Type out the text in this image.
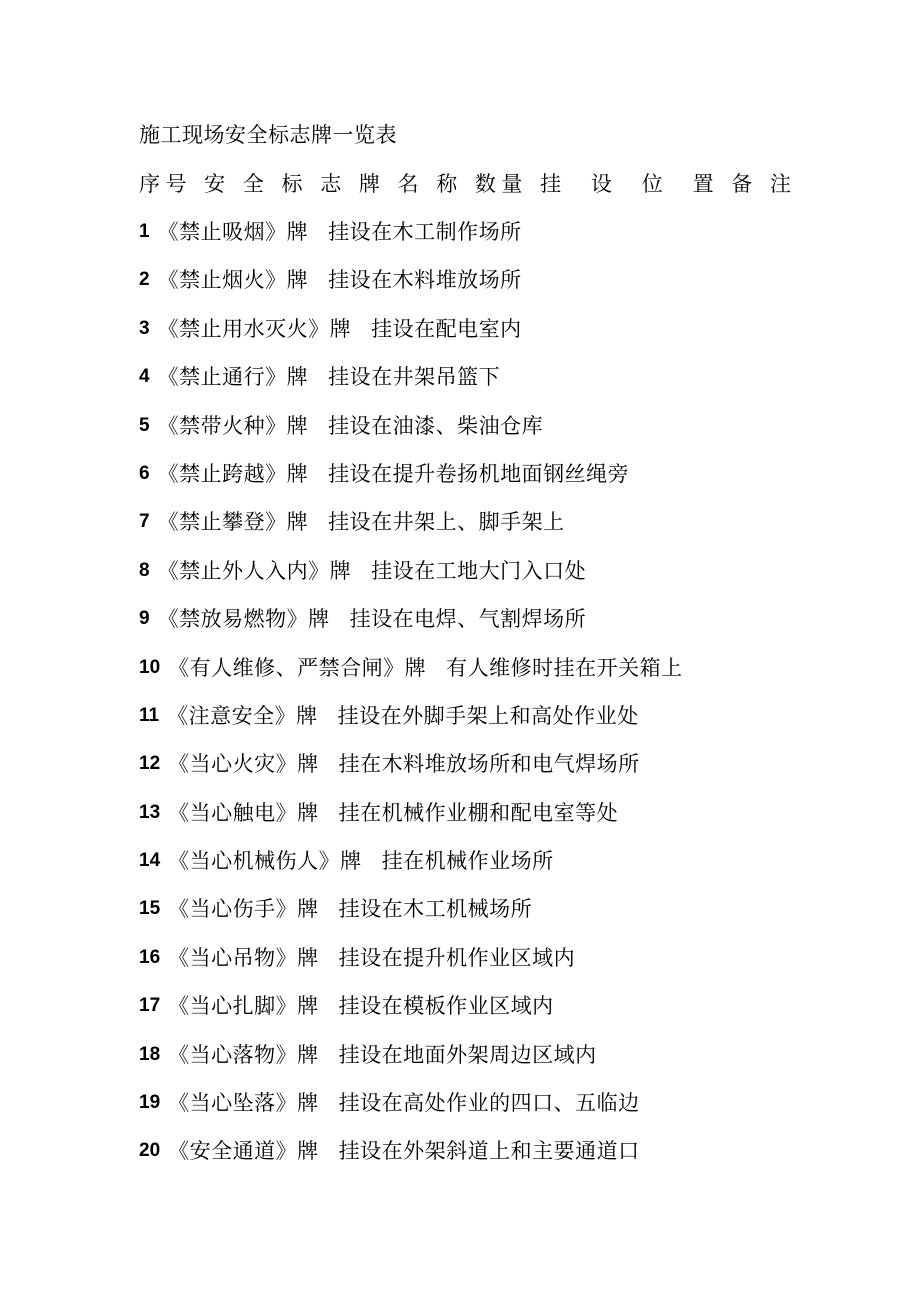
施工现场安全标志牌一览表
序号 安 全 标 志 牌 名 称 数量 挂  设  位  置 备 注
1 《禁止吸烟》牌 挂设在木工制作场所
2 《禁止烟火》牌 挂设在木料堆放场所
3 《禁止用水灭火》牌 挂设在配电室内
4 《禁止通行》牌 挂设在井架吊篮下
5 《禁带火种》牌 挂设在油漆、柴油仓库
6 《禁止跨越》牌 挂设在提升卷扬机地面钢丝绳旁
7 《禁止攀登》牌 挂设在井架上、脚手架上
8 《禁止外人入内》牌 挂设在工地大门入口处
9 《禁放易燃物》牌 挂设在电焊、气割焊场所
10 《有人维修、严禁合闸》牌 有人维修时挂在开关箱上
11 《注意安全》牌 挂设在外脚手架上和高处作业处
12 《当心火灾》牌 挂在木料堆放场所和电气焊场所
13 《当心触电》牌 挂在机械作业棚和配电室等处
14 《当心机械伤人》牌 挂在机械作业场所
15 《当心伤手》牌 挂设在木工机械场所
16 《当心吊物》牌 挂设在提升机作业区域内
17 《当心扎脚》牌 挂设在模板作业区域内
18 《当心落物》牌 挂设在地面外架周边区域内
19 《当心坠落》牌 挂设在高处作业的四口、五临边
20 《安全通道》牌 挂设在外架斜道上和主要通道口
